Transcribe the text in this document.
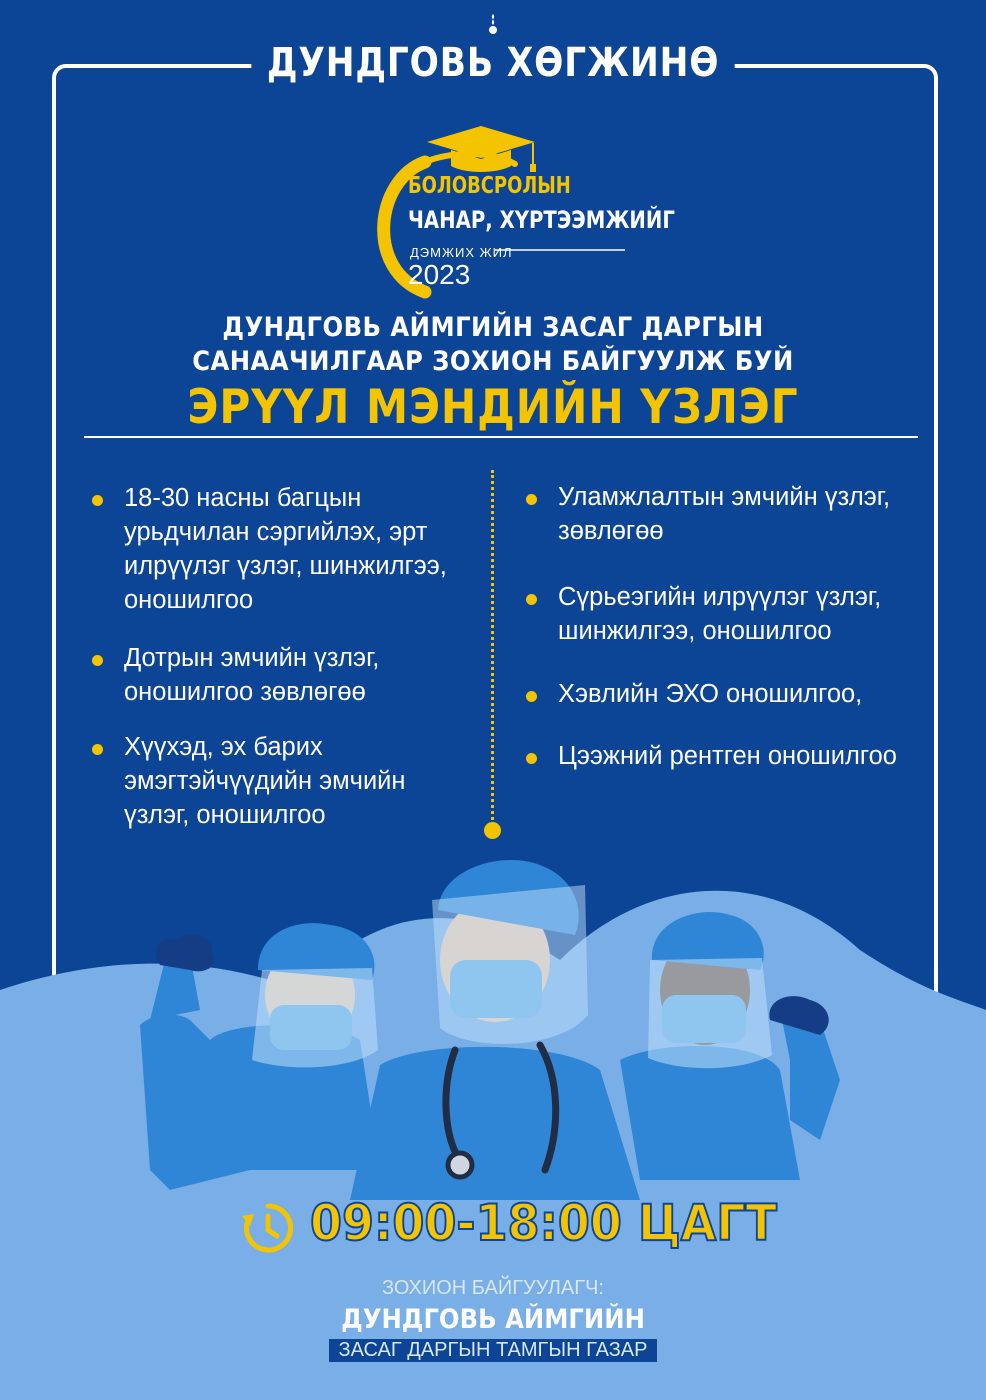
ДУНДГОВЬ ХӨГЖИНӨ
БОЛОВСРОЛЫН
ЧАНАР, ХҮРТЭЭМЖИЙГ
ДЭМЖИХ ЖИЛ
2023
ДУНДГОВЬ АЙМГИЙН ЗАСАГ ДАРГЫН
САНААЧИЛГААР ЗОХИОН БАЙГУУЛЖ БУЙ
ЭРҮҮЛ МЭНДИЙН ҮЗЛЭГ
18-30 насны багцын урьдчилан сэргийлэх, эрт илрүүлэг үзлэг, шинжилгээ, оношилгоо
Дотрын эмчийн үзлэг, оношилгоо зөвлөгөө
Хүүхэд, эх барих эмэгтэйчүүдийн эмчийн үзлэг, оношилгоо
Уламжлалтын эмчийн үзлэг, зөвлөгөө
Сүрьеэгийн илрүүлэг үзлэг, шинжилгээ, оношилгоо
Хэвлийн ЭХО оношилгоо,
Цээжний рентген оношилгоо
09:00-18:00 ЦАГТ
ЗОХИОН БАЙГУУЛАГЧ:
ДУНДГОВЬ АЙМГИЙН
ЗАСАГ ДАРГЫН ТАМГЫН ГАЗАР
